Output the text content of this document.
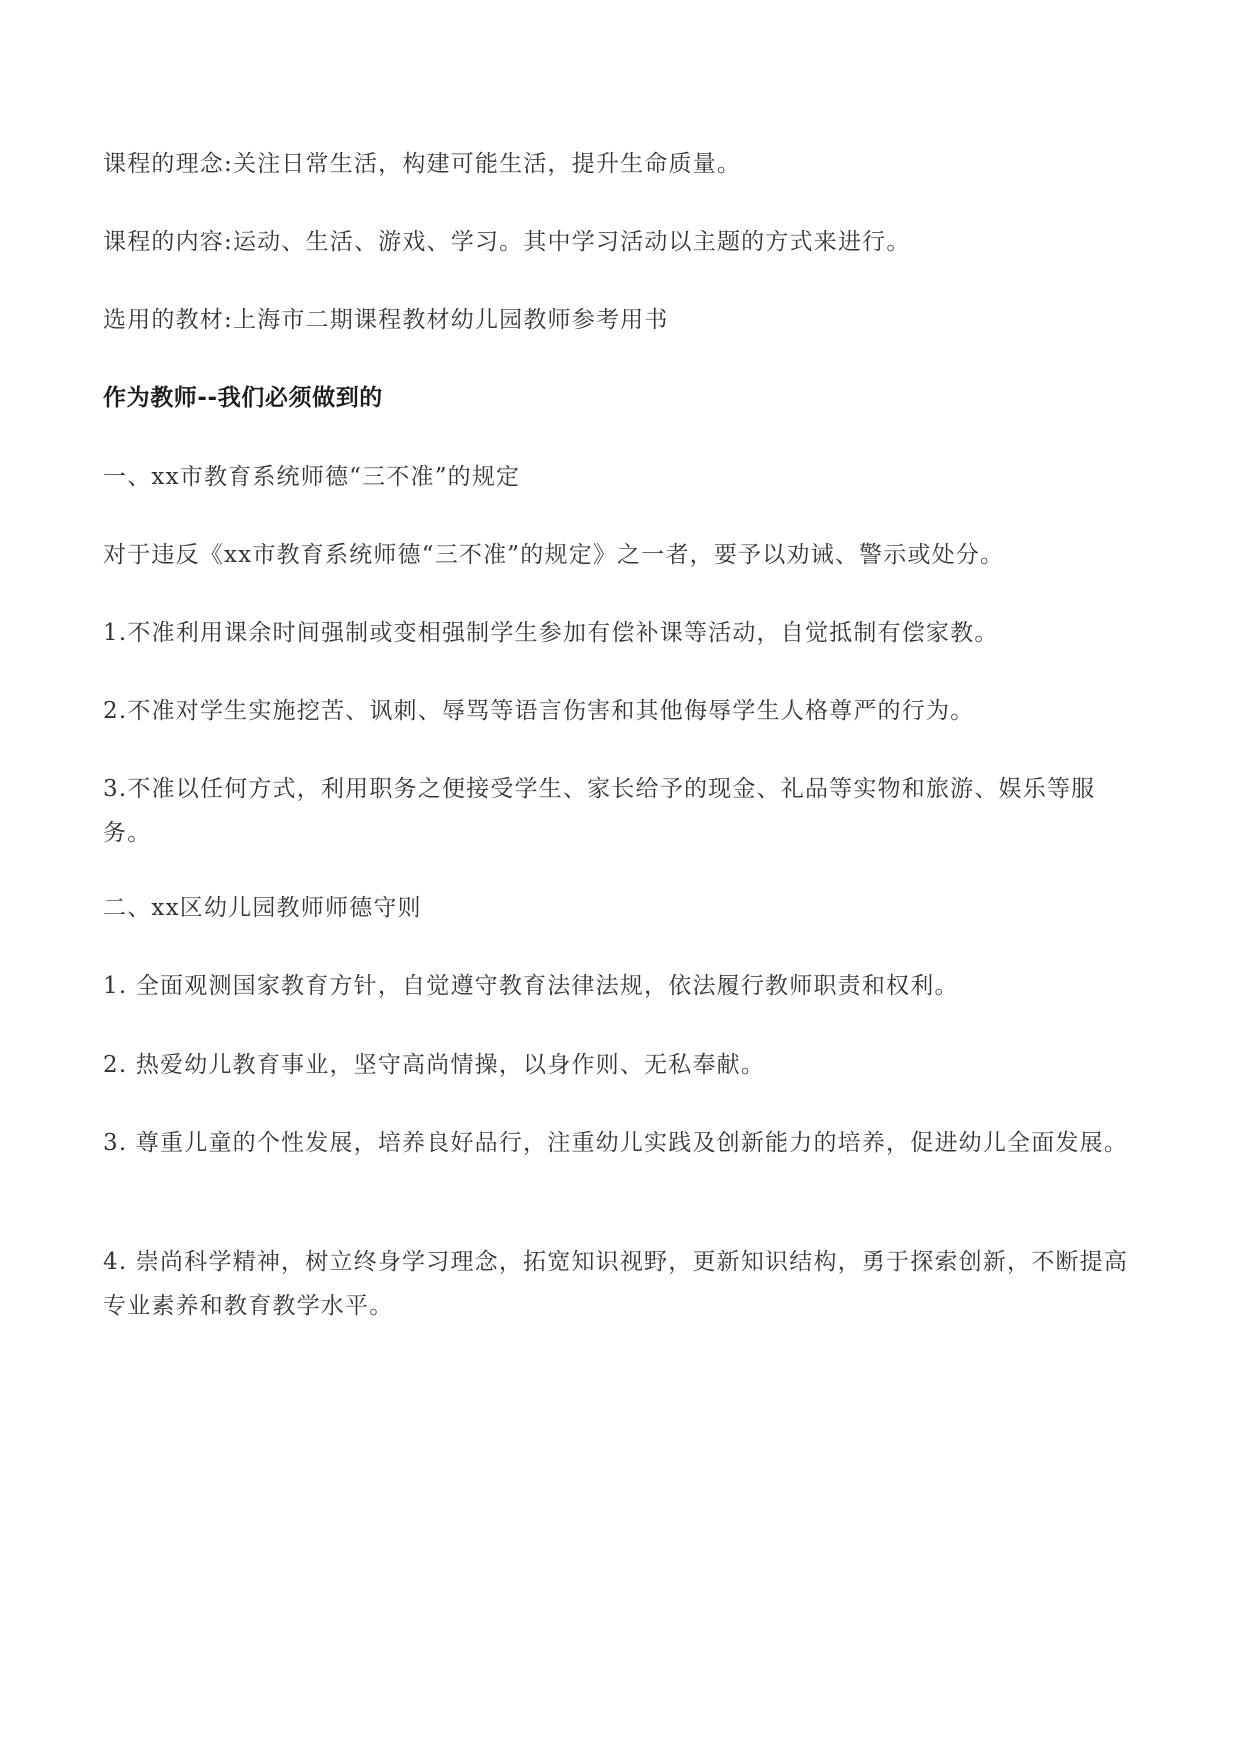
课程的理念:关注日常生活，构建可能生活，提升生命质量。

课程的内容:运动、生活、游戏、学习。其中学习活动以主题的方式来进行。

选用的教材:上海市二期课程教材幼儿园教师参考用书

作为教师--我们必须做到的

一、xx市教育系统师德“三不准”的规定

对于违反《xx市教育系统师德“三不准”的规定》之一者，要予以劝诫、警示或处分。

1.不准利用课余时间强制或变相强制学生参加有偿补课等活动，自觉抵制有偿家教。

2.不准对学生实施挖苦、讽刺、辱骂等语言伤害和其他侮辱学生人格尊严的行为。

3.不准以任何方式，利用职务之便接受学生、家长给予的现金、礼品等实物和旅游、娱乐等服务。

二、xx区幼儿园教师师德守则

1. 全面观测国家教育方针，自觉遵守教育法律法规，依法履行教师职责和权利。

2. 热爱幼儿教育事业，坚守高尚情操，以身作则、无私奉献。

3. 尊重儿童的个性发展，培养良好品行，注重幼儿实践及创新能力的培养，促进幼儿全面发展。

4. 崇尚科学精神，树立终身学习理念，拓宽知识视野，更新知识结构，勇于探索创新，不断提高专业素养和教育教学水平。
